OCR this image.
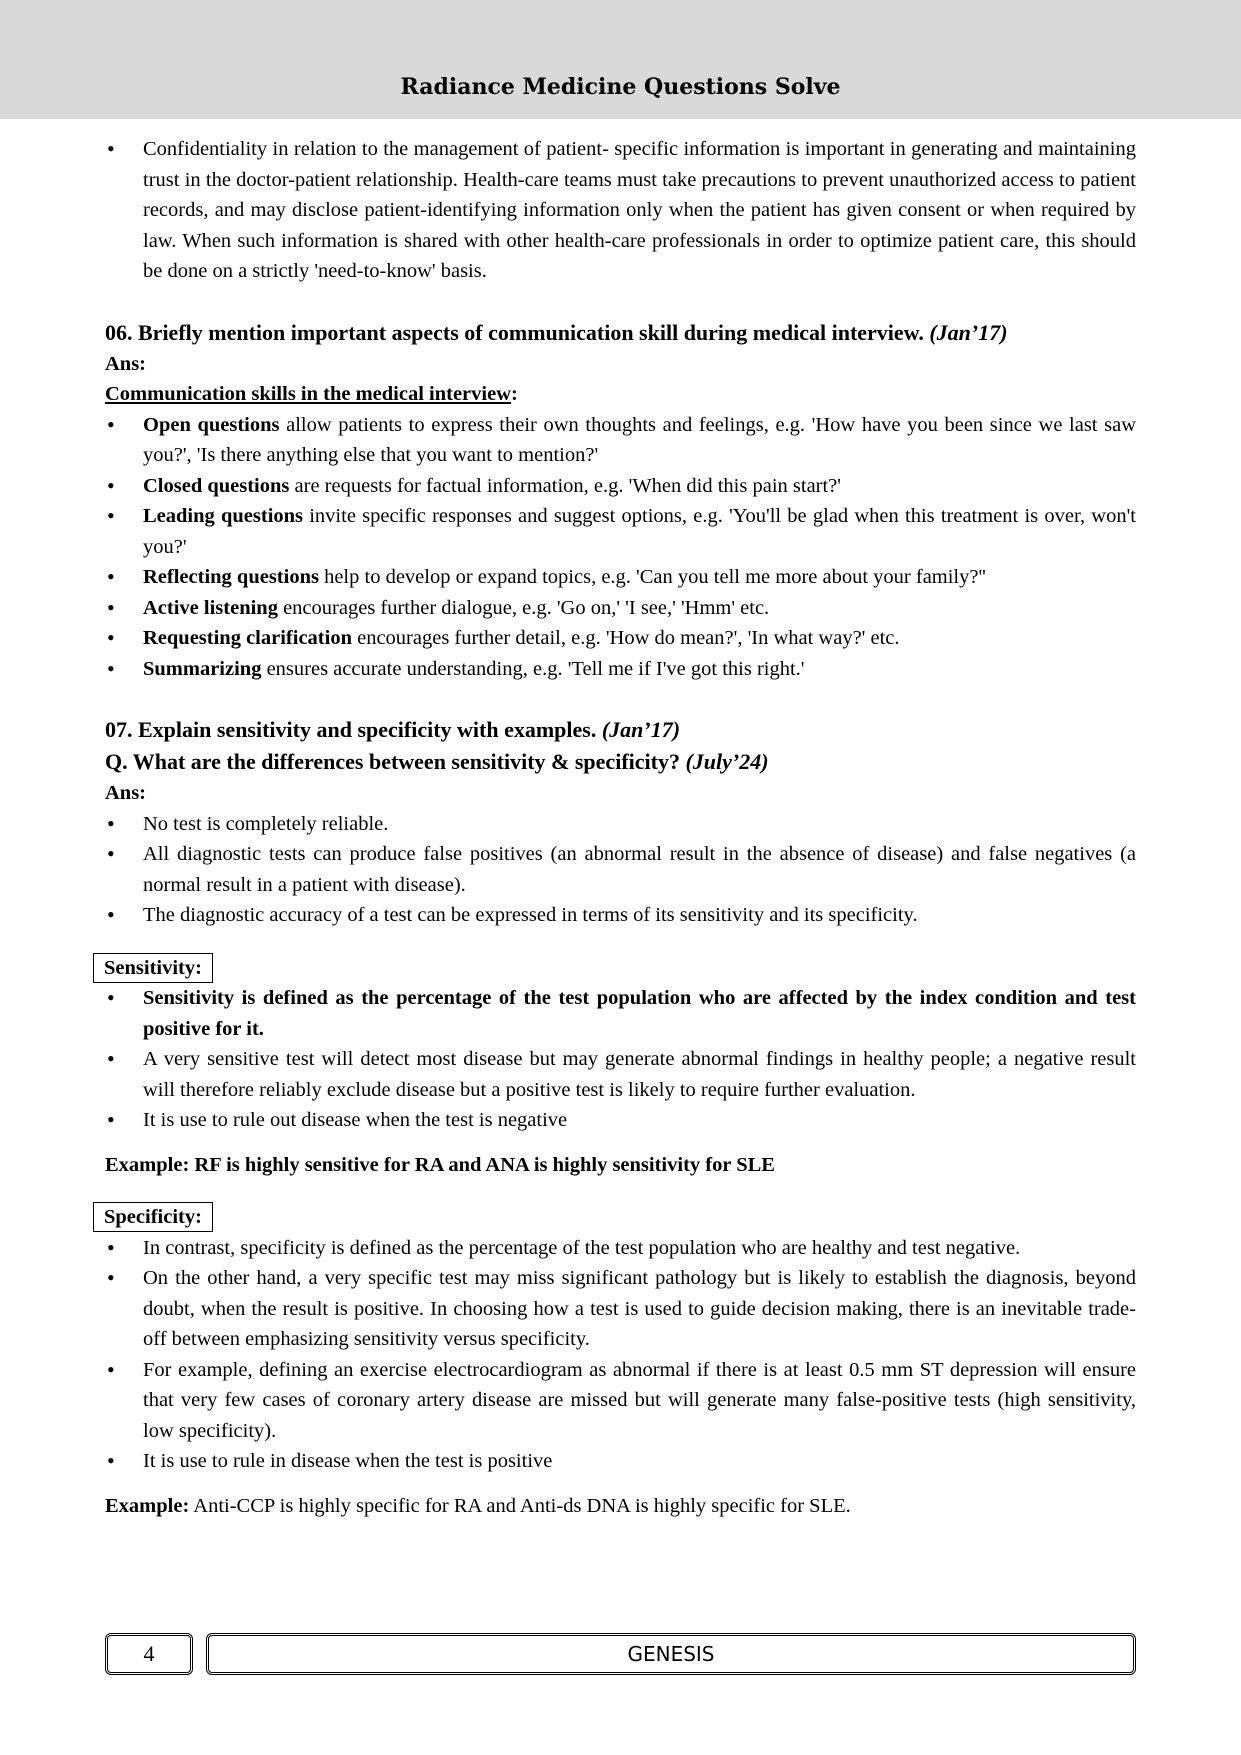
Radiance Medicine Questions Solve
• Confidentiality in relation to the management of patient- specific information is important in generating and maintaining trust in the doctor-patient relationship. Health-care teams must take precautions to prevent unauthorized access to patient records, and may disclose patient-identifying information only when the patient has given consent or when required by law. When such information is shared with other health-care professionals in order to optimize patient care, this should be done on a strictly 'need-to-know' basis.
06. Briefly mention important aspects of communication skill during medical interview. (Jan’17)
Ans:
Communication skills in the medical interview:
• Open questions allow patients to express their own thoughts and feelings, e.g. 'How have you been since we last saw you?', 'Is there anything else that you want to mention?'
• Closed questions are requests for factual information, e.g. 'When did this pain start?'
• Leading questions invite specific responses and suggest options, e.g. 'You'll be glad when this treatment is over, won't you?'
• Reflecting questions help to develop or expand topics, e.g. 'Can you tell me more about your family?''
• Active listening encourages further dialogue, e.g. 'Go on,' 'I see,' 'Hmm' etc.
• Requesting clarification encourages further detail, e.g. 'How do mean?', 'In what way?' etc.
• Summarizing ensures accurate understanding, e.g. 'Tell me if I've got this right.'
07. Explain sensitivity and specificity with examples. (Jan’17)
Q. What are the differences between sensitivity & specificity? (July’24)
Ans:
• No test is completely reliable.
• All diagnostic tests can produce false positives (an abnormal result in the absence of disease) and false negatives (a normal result in a patient with disease).
• The diagnostic accuracy of a test can be expressed in terms of its sensitivity and its specificity.
Sensitivity:
• Sensitivity is defined as the percentage of the test population who are affected by the index condition and test positive for it.
• A very sensitive test will detect most disease but may generate abnormal findings in healthy people; a negative result will therefore reliably exclude disease but a positive test is likely to require further evaluation.
• It is use to rule out disease when the test is negative
Example: RF is highly sensitive for RA and ANA is highly sensitivity for SLE
Specificity:
• In contrast, specificity is defined as the percentage of the test population who are healthy and test negative.
• On the other hand, a very specific test may miss significant pathology but is likely to establish the diagnosis, beyond doubt, when the result is positive. In choosing how a test is used to guide decision making, there is an inevitable trade-off between emphasizing sensitivity versus specificity.
• For example, defining an exercise electrocardiogram as abnormal if there is at least 0.5 mm ST depression will ensure that very few cases of coronary artery disease are missed but will generate many false-positive tests (high sensitivity, low specificity).
• It is use to rule in disease when the test is positive
Example: Anti-CCP is highly specific for RA and Anti-ds DNA is highly specific for SLE.
4	GENESIS
